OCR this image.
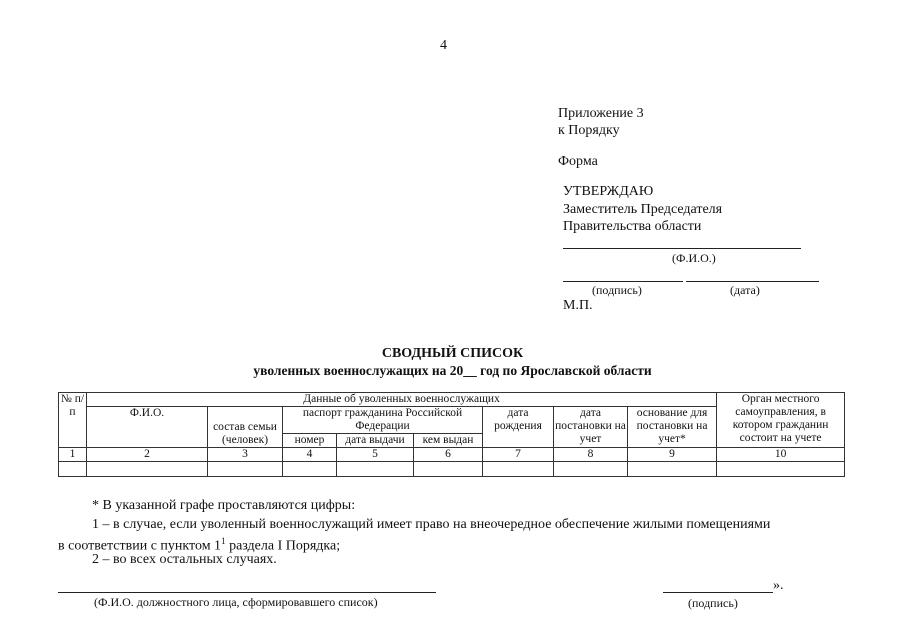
4
Приложение 3
к Порядку
Форма
УТВЕРЖДАЮ
Заместитель Председателя
Правительства области
(Ф.И.О.)
(подпись)	(дата)
М.П.
СВОДНЫЙ СПИСОК
уволенных военнослужащих на 20__ год по Ярославской области
№ п/п	Данные об уволенных военнослужащих								Орган местного самоуправления, в котором гражданин состоит на учете
	Ф.И.О.	состав семьи (человек)	паспорт гражданина Российской Федерации			дата рождения	дата постановки на учет	основание для постановки на учет*	
			номер	дата выдачи	кем выдан				
1	2	3	4	5	6	7	8	9	10

* В указанной графе проставляются цифры:
1 – в случае, если уволенный военнослужащий имеет право на внеочередное обеспечение жилыми помещениями
в соответствии с пунктом $1^1$ раздела I Порядка;
2 – во всех остальных случаях.
(Ф.И.О. должностного лица, сформировавшего список)
».
(подпись)
